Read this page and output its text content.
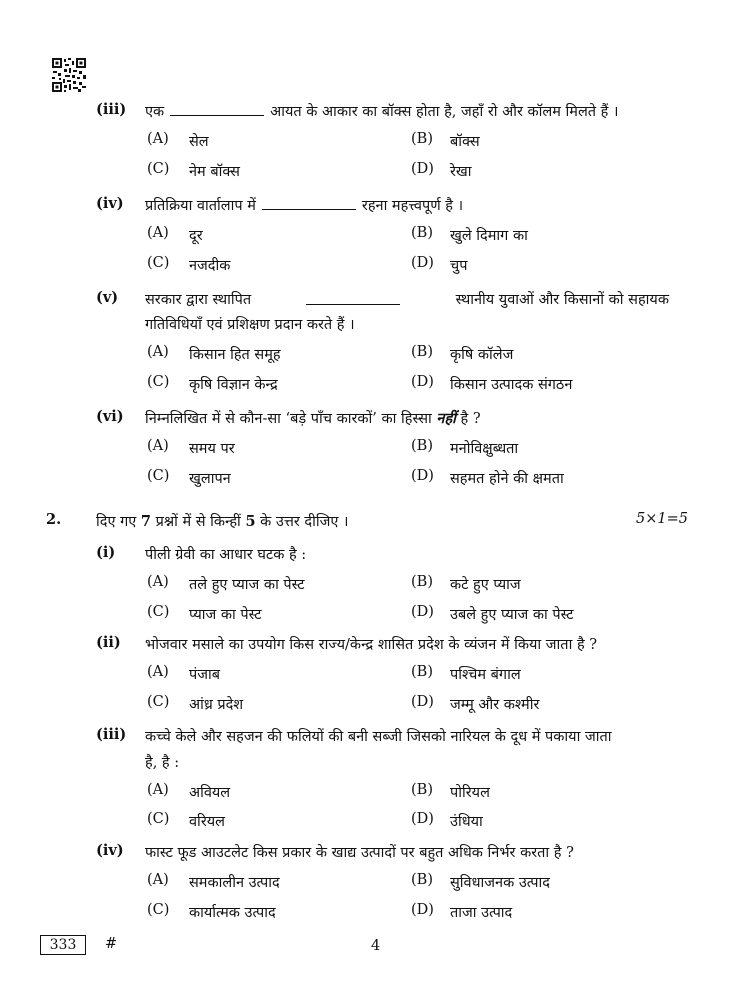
(iii) एक	आयत के आकार का बॉक्स होता है, जहाँ रो और कॉलम मिलते हैं ।
(A) सेल	(B) बॉक्स
(C) नेम बॉक्स	(D) रेखा
(iv) प्रतिक्रिया वार्तालाप में	रहना महत्त्वपूर्ण है ।
(A) दूर	(B) खुले दिमाग का
(C) नजदीक	(D) चुप
(v) सरकार द्वारा स्थापित	स्थानीय युवाओं और किसानों को सहायक
गतिविधियाँ एवं प्रशिक्षण प्रदान करते हैं ।
(A) किसान हित समूह	(B) कृषि कॉलेज
(C) कृषि विज्ञान केन्द्र	(D) किसान उत्पादक संगठन
(vi) निम्नलिखित में से कौन-सा ‘बड़े पाँच कारकों’ का हिस्सा नहीं है ?
(A) समय पर	(B) मनोविक्षुब्धता
(C) खुलापन	(D) सहमत होने की क्षमता
2. दिए गए 7 प्रश्नों में से किन्हीं 5 के उत्तर दीजिए ।	5×1=5
(i) पीली ग्रेवी का आधार घटक है :
(A) तले हुए प्याज का पेस्ट	(B) कटे हुए प्याज
(C) प्याज का पेस्ट	(D) उबले हुए प्याज का पेस्ट
(ii) भोजवार मसाले का उपयोग किस राज्य/केन्द्र शासित प्रदेश के व्यंजन में किया जाता है ?
(A) पंजाब	(B) पश्चिम बंगाल
(C) आंध्र प्रदेश	(D) जम्मू और कश्मीर
(iii) कच्चे केले और सहजन की फलियों की बनी सब्जी जिसको नारियल के दूध में पकाया जाता
है, है :
(A) अवियल	(B) पोरियल
(C) वरियल	(D) उंधिया
(iv) फास्ट फूड आउटलेट किस प्रकार के खाद्य उत्पादों पर बहुत अधिक निर्भर करता है ?
(A) समकालीन उत्पाद	(B) सुविधाजनक उत्पाद
(C) कार्यात्मक उत्पाद	(D) ताजा उत्पाद
333	#	4
